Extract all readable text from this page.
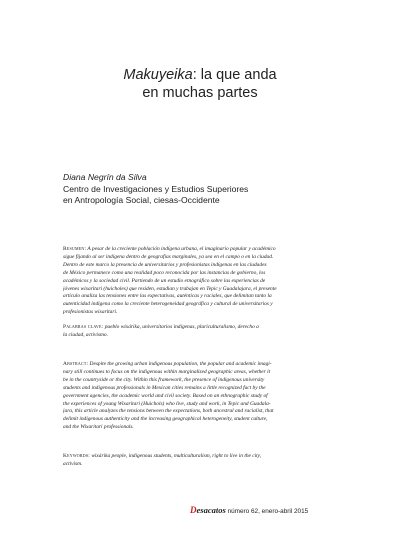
Makuyeika: la que anda
en muchas partes
Diana Negrín da Silva
Centro de Investigaciones y Estudios Superiores
en Antropología Social, ciesas-Occidente
Resumen: A pesar de la creciente población indígena urbana, el imaginario popular y académico
sigue fijando al ser indígena dentro de geografías marginales, ya sea en el campo o en la ciudad.
Dentro de este marco la presencia de universitarios y profesionistas indígenas en las ciudades
de México permanece como una realidad poco reconocida por las instancias de gobierno, los
académicos y la sociedad civil. Partiendo de un estudio etnográfico sobre las experiencias de
jóvenes wixaritari (huicholes) que residen, estudian y trabajan en Tepic y Guadalajara, el presente
artículo analiza las tensiones entre las expectativas, auténticas y raciales, que delimitan tanto la
autenticidad indígena como la creciente heterogeneidad geográfica y cultural de universitarios y
profesionistas wixaritari.
Palabras clave: pueblo wixárika, universitarios indígenas, pluriculturalismo, derecho a
la ciudad, activismo.
Abstract: Despite the growing urban indigenous population, the popular and academic imagi-
nary still continues to focus on the indigenous within marginalized geographic areas, whether it
be in the countryside or the city. Within this framework, the presence of indigenous university
students and indigenous professionals in Mexican cities remains a little recognized fact by the
government agencies, the academic world and civil society. Based on an ethnographic study of
the experiences of young Wixaritari (Huichols) who live, study and work, in Tepic and Guadala-
jara, this article analyzes the tensions between the expectations, both ancestral and racialist, that
delimit indigenous authenticity and the increasing geographical heterogeneity, student culture,
and the Wixaritari professionals.
Keywords: wixárika people, indigenous students, multiculturalism, right to live in the city,
activism.
Desacatos número 62, enero-abril 2015
